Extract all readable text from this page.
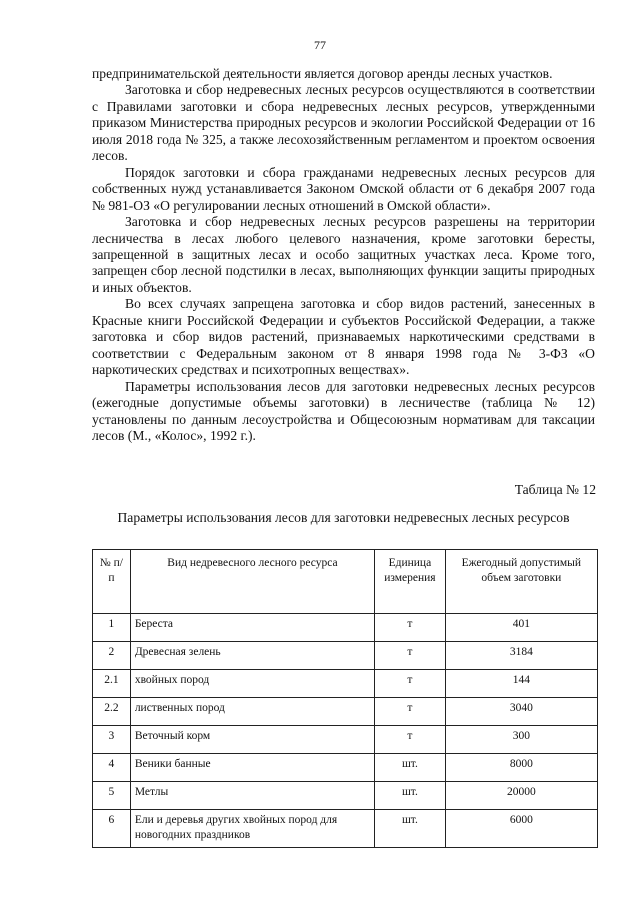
77

предпринимательской деятельности является договор аренды лесных участков.

Заготовка и сбор недревесных лесных ресурсов осуществляются в соответствии с Правилами заготовки и сбора недревесных лесных ресурсов, утвержденными приказом Министерства природных ресурсов и экологии Российской Федерации от 16 июля 2018 года № 325, а также лесохозяйственным регламентом и проектом освоения лесов.

Порядок заготовки и сбора гражданами недревесных лесных ресурсов для собственных нужд устанавливается Законом Омской области от 6 декабря 2007 года № 981-ОЗ «О регулировании лесных отношений в Омской области».

Заготовка и сбор недревесных лесных ресурсов разрешены на территории лесничества в лесах любого целевого назначения, кроме заготовки бересты, запрещенной в защитных лесах и особо защитных участках леса. Кроме того, запрещен сбор лесной подстилки в лесах, выполняющих функции защиты природных и иных объектов.

Во всех случаях запрещена заготовка и сбор видов растений, занесенных в Красные книги Российской Федерации и субъектов Российской Федерации, а также заготовка и сбор видов растений, признаваемых наркотическими средствами в соответствии с Федеральным законом от 8 января 1998 года № 3-ФЗ «О наркотических средствах и психотропных веществах».

Параметры использования лесов для заготовки недревесных лесных ресурсов (ежегодные допустимые объемы заготовки) в лесничестве (таблица № 12) установлены по данным лесоустройства и Общесоюзным нормативам для таксации лесов (М., «Колос», 1992 г.).

Таблица № 12
Параметры использования лесов для заготовки недревесных лесных ресурсов
№ п/п	Вид недревесного лесного ресурса	Единица измерения	Ежегодный допустимый объем заготовки
1	Береста	т	401
2	Древесная зелень	т	3184
2.1	хвойных пород	т	144
2.2	лиственных пород	т	3040
3	Веточный корм	т	300
4	Веники банные	шт.	8000
5	Метлы	шт.	20000
6	Ели и деревья других хвойных пород для новогодних праздников	шт.	6000
